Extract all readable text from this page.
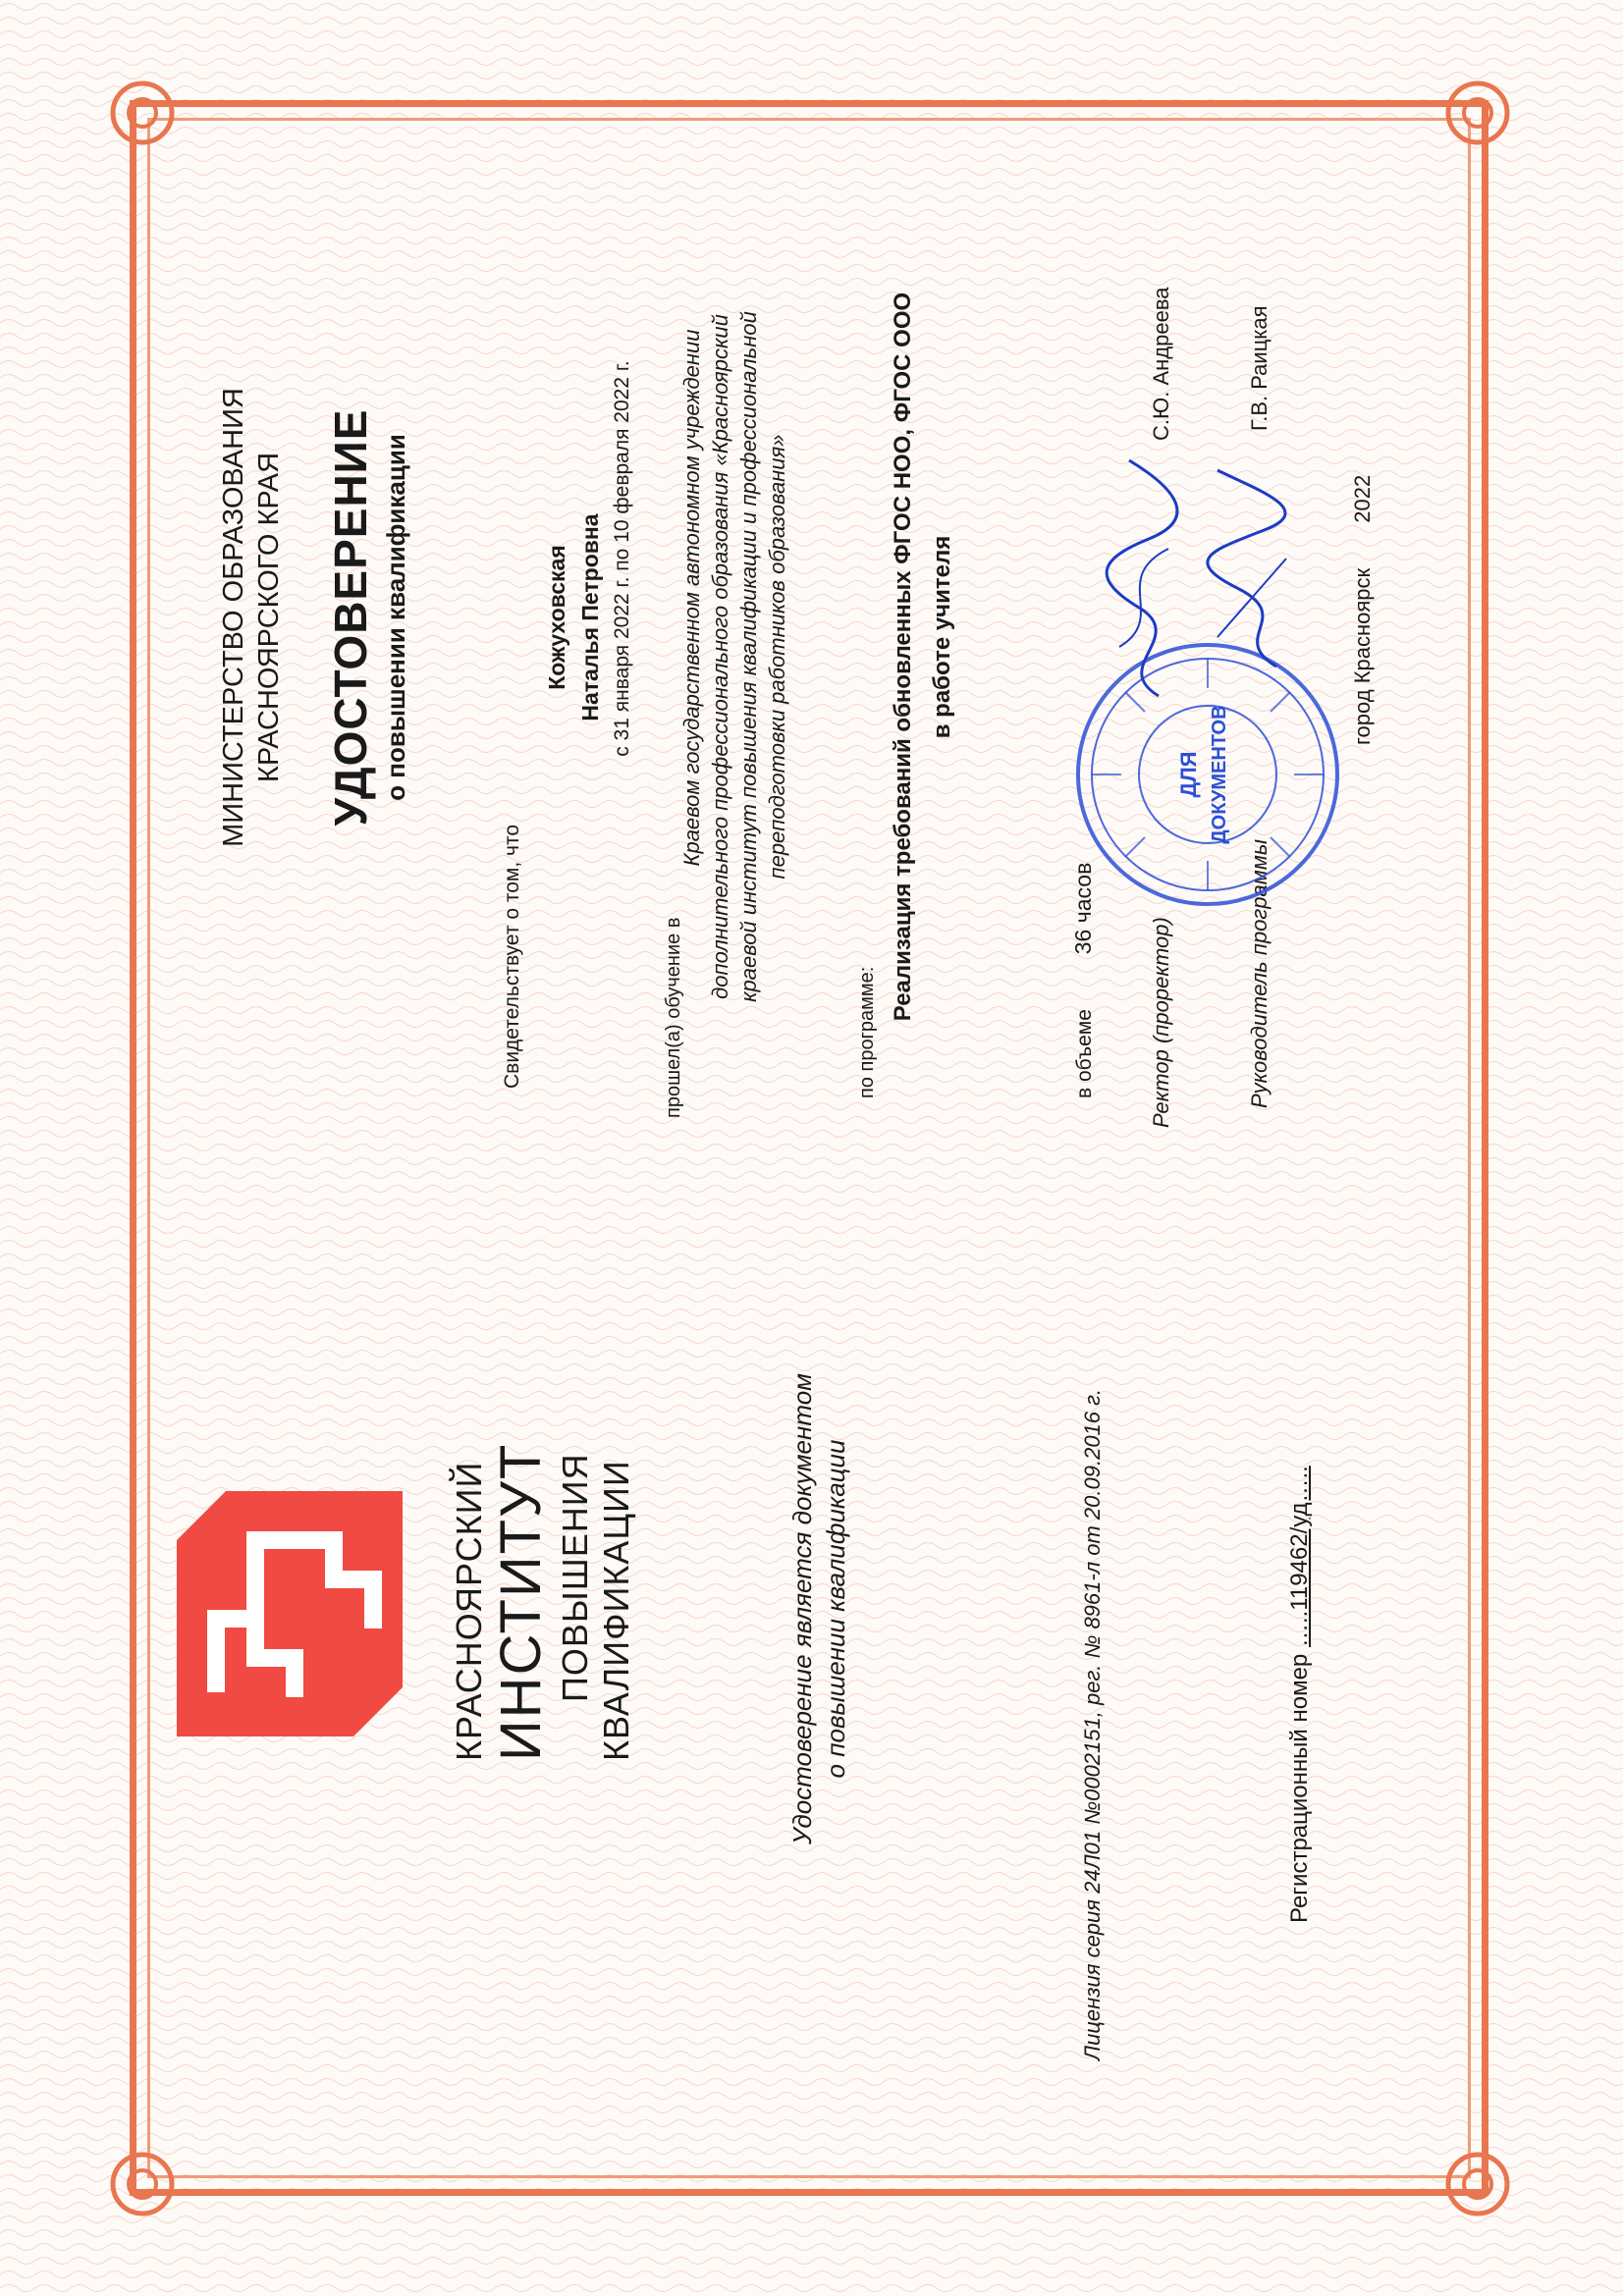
КРАСНОЯРСКИЙ ИНСТИТУТ ПОВЫШЕНИЯ КВАЛИФИКАЦИИ	Удостоверение является документом о повышении квалификации	Лицензия серия 24Л01 №0002151, рег. № 8961-л от 20.09.2016 г.	Регистрационный номер …..119462/уд…..
МИНИСТЕРСТВО ОБРАЗОВАНИЯ КРАСНОЯРСКОГО КРАЯ УДОСТОВЕРЕНИЕ о повышении квалификации
Свидетельствует о том, что
Кожуховская Наталья Петровна с 31 января 2022 г. по 10 февраля 2022 г.
прошел(а) обучение в
Краевом государственном автономном учреждении дополнительного профессионального образования «Красноярский краевой институт повышения квалификации и профессиональной переподготовки работников образования»
по программе:
Реализация требований обновленных ФГОС НОО, ФГОС ООО в работе учителя
в объеме 36 часов
Ректор (проректор)
С.Ю. Андреева
Руководитель программы
Г.В. Раицкая
город Красноярск 2022
ДЛЯ ДОКУМЕНТОВ
